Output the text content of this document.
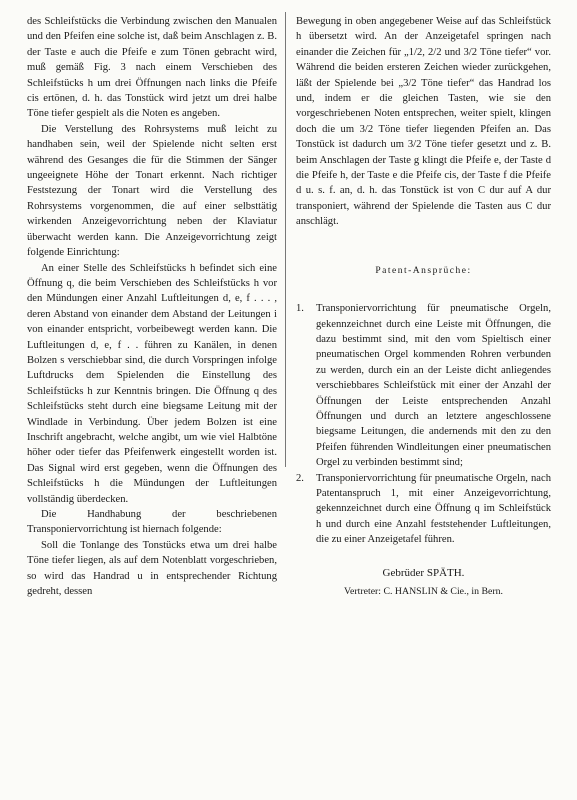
des Schleifstücks die Verbindung zwischen den Manualen und den Pfeifen eine solche ist, daß beim Anschlagen z. B. der Taste e auch die Pfeife e zum Tönen gebracht wird, muß gemäß Fig. 3 nach einem Verschieben des Schleifstücks h um drei Öffnungen nach links die Pfeife cis ertönen, d. h. das Tonstück wird jetzt um drei halbe Töne tiefer gespielt als die Noten es angeben.

Die Verstellung des Rohrsystems muß leicht zu handhaben sein, weil der Spielende nicht selten erst während des Gesanges die für die Stimmen der Sänger ungeeignete Höhe der Tonart erkennt. Nach richtiger Feststezung der Tonart wird die Verstellung des Rohrsystems vorgenommen, die auf einer selbsttätig wirkenden Anzeigevorrichtung neben der Klaviatur überwacht werden kann. Die Anzeigevorrichtung zeigt folgende Einrichtung:

An einer Stelle des Schleifstücks h befindet sich eine Öffnung q, die beim Verschieben des Schleifstücks h vor den Mündungen einer Anzahl Luftleitungen d, e, f . . . , deren Abstand von einander dem Abstand der Leitungen i von einander entspricht, vorbeibewegt werden kann. Die Luftleitungen d, e, f . . führen zu Kanälen, in denen Bolzen s verschiebbar sind, die durch Vorspringen infolge Luftdrucks dem Spielenden die Einstellung des Schleifstücks h zur Kenntnis bringen. Die Öffnung q des Schleifstücks steht durch eine biegsame Leitung mit der Windlade in Verbindung. Über jedem Bolzen ist eine Inschrift angebracht, welche angibt, um wie viel Halbtöne höher oder tiefer das Pfeifenwerk eingestellt worden ist. Das Signal wird erst gegeben, wenn die Öffnungen des Schleifstücks h die Mündungen der Luftleitungen vollständig überdecken.

Die Handhabung der beschriebenen Transponiervorrichtung ist hiernach folgende:

Soll die Tonlange des Tonstücks etwa um drei halbe Töne tiefer liegen, als auf dem Notenblatt vorgeschrieben, so wird das Handrad u in entsprechender Richtung gedreht, dessen

Bewegung in oben angegebener Weise auf das Schleifstück h übersetzt wird. An der Anzeigetafel springen nach einander die Zeichen für „1/2, 2/2 und 3/2 Töne tiefer“ vor. Während die beiden ersteren Zeichen wieder zurückgehen, läßt der Spielende bei „3/2 Töne tiefer“ das Handrad los und, indem er die gleichen Tasten, wie sie den vorgeschriebenen Noten entsprechen, weiter spielt, klingen doch die um 3/2 Töne tiefer liegenden Pfeifen an. Das Tonstück ist dadurch um 3/2 Töne tiefer gesetzt und z. B. beim Anschlagen der Taste g klingt die Pfeife e, der Taste d die Pfeife h, der Taste e die Pfeife cis, der Taste f die Pfeife d u. s. f. an, d. h. das Tonstück ist von C dur auf A dur transponiert, während der Spielende die Tasten aus C dur anschlägt.

Patent-Ansprüche:
1.	Transponiervorrichtung für pneumatische Orgeln, gekennzeichnet durch eine Leiste mit Öffnungen, die dazu bestimmt sind, mit den vom Spieltisch einer pneumatischen Orgel kommenden Rohren verbunden zu werden, durch ein an der Leiste dicht anliegendes verschiebbares Schleifstück mit einer der Anzahl der Öffnungen der Leiste entsprechenden Anzahl Öffnungen und durch an letztere angeschlossene biegsame Leitungen, die andernends mit den zu den Pfeifen führenden Windleitungen einer pneumatischen Orgel zu verbinden bestimmt sind;
2.	Transponiervorrichtung für pneumatische Orgeln, nach Patentanspruch 1, mit einer Anzeigevorrichtung, gekennzeichnet durch eine Öffnung q im Schleifstück h und durch eine Anzahl feststehender Luftleitungen, die zu einer Anzeigetafel führen.
Gebrüder SPÄTH.
Vertreter: C. HANSLIN & Cie., in Bern.
